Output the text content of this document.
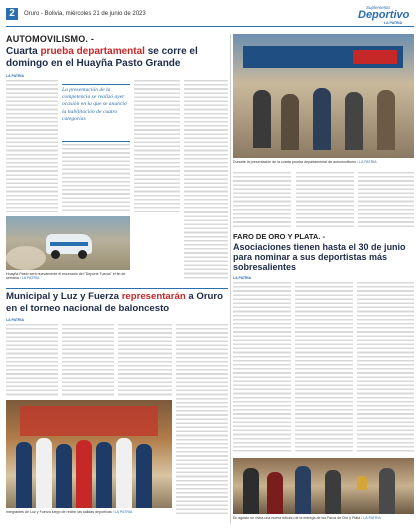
2	Oruro - Bolivia, miércoles 21 de junio de 2023
Suplemento
Deportivo
LA PATRIA
AUTOMOVILISMO. -
Cuarta prueba departamental se corre el domingo en el Huayña Pasto Grande
LA PATRIA
La presentación de la competencia se realizó ayer ocasión en la que se anunció la habilitación de cuatro categorías
Huayña Pasto será nuevamente el escenario del "Deporte Tuerca" el fin de semana / LA PATRIA
Durante la presentación de la cuarta prueba departamental de automovilismo / LA PATRIA
FARO DE ORO Y PLATA. -
Asociaciones tienen hasta el 30 de junio para nominar a sus deportistas más sobresalientes
LA PATRIA
En agosto se vivirá una nueva edición de la entrega de los Faros de Oro y Plata / LA PATRIA
Municipal y Luz y Fuerza representarán a Oruro en el torneo nacional de baloncesto
LA PATRIA
Integrantes de Luz y Fuerza luego de recibir las salidas deportivas / LA PATRIA
